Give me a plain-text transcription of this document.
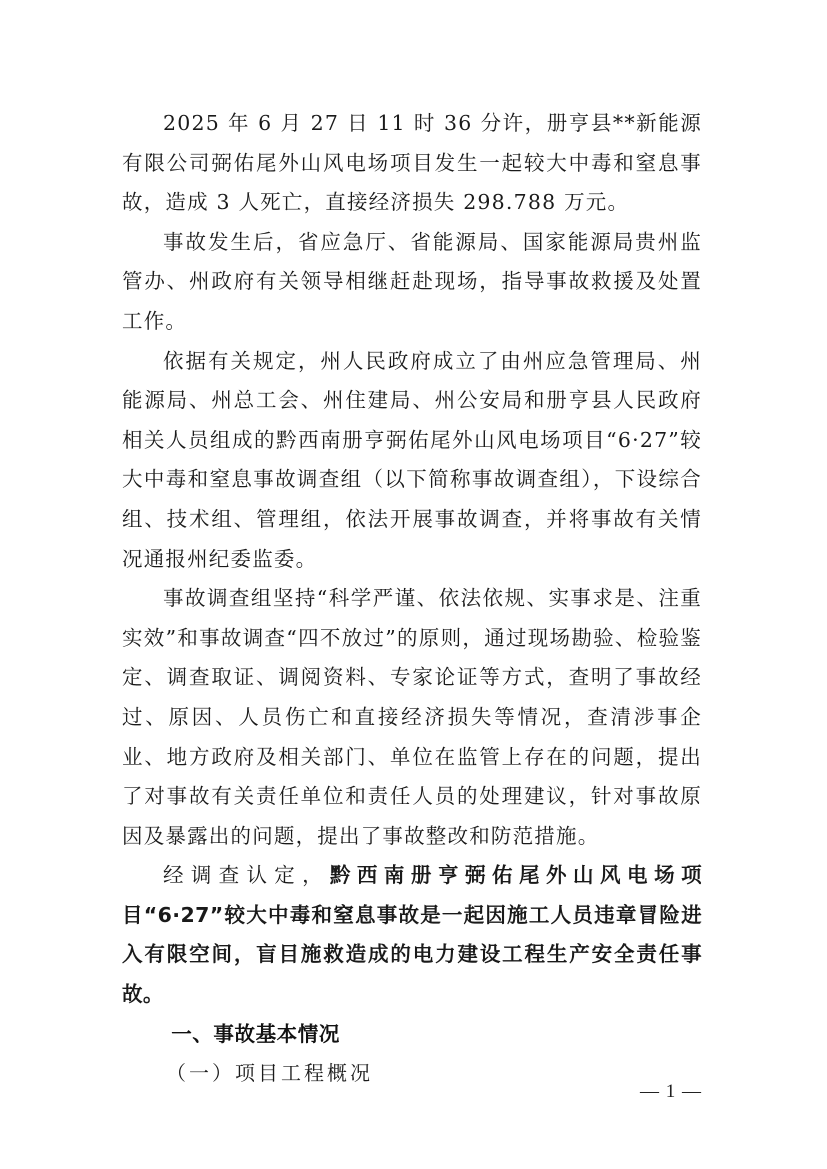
2025 年 6 月 27 日 11 时 36 分许，册亨县**新能源有限公司弼佑尾外山风电场项目发生一起较大中毒和窒息事故，造成 3 人死亡，直接经济损失 298.788 万元。

事故发生后，省应急厅、省能源局、国家能源局贵州监管办、州政府有关领导相继赶赴现场，指导事故救援及处置工作。

依据有关规定，州人民政府成立了由州应急管理局、州能源局、州总工会、州住建局、州公安局和册亨县人民政府相关人员组成的黔西南册亨弼佑尾外山风电场项目“6·27”较大中毒和窒息事故调查组（以下简称事故调查组），下设综合组、技术组、管理组，依法开展事故调查，并将事故有关情况通报州纪委监委。

事故调查组坚持“科学严谨、依法依规、实事求是、注重实效”和事故调查“四不放过”的原则，通过现场勘验、检验鉴定、调查取证、调阅资料、专家论证等方式，查明了事故经过、原因、人员伤亡和直接经济损失等情况，查清涉事企业、地方政府及相关部门、单位在监管上存在的问题，提出了对事故有关责任单位和责任人员的处理建议，针对事故原因及暴露出的问题，提出了事故整改和防范措施。

经调查认定，黔西南册亨弼佑尾外山风电场项目“6·27”较大中毒和窒息事故是一起因施工人员违章冒险进入有限空间，盲目施救造成的电力建设工程生产安全责任事故。

一、事故基本情况

（一）项目工程概况

— 1 —
